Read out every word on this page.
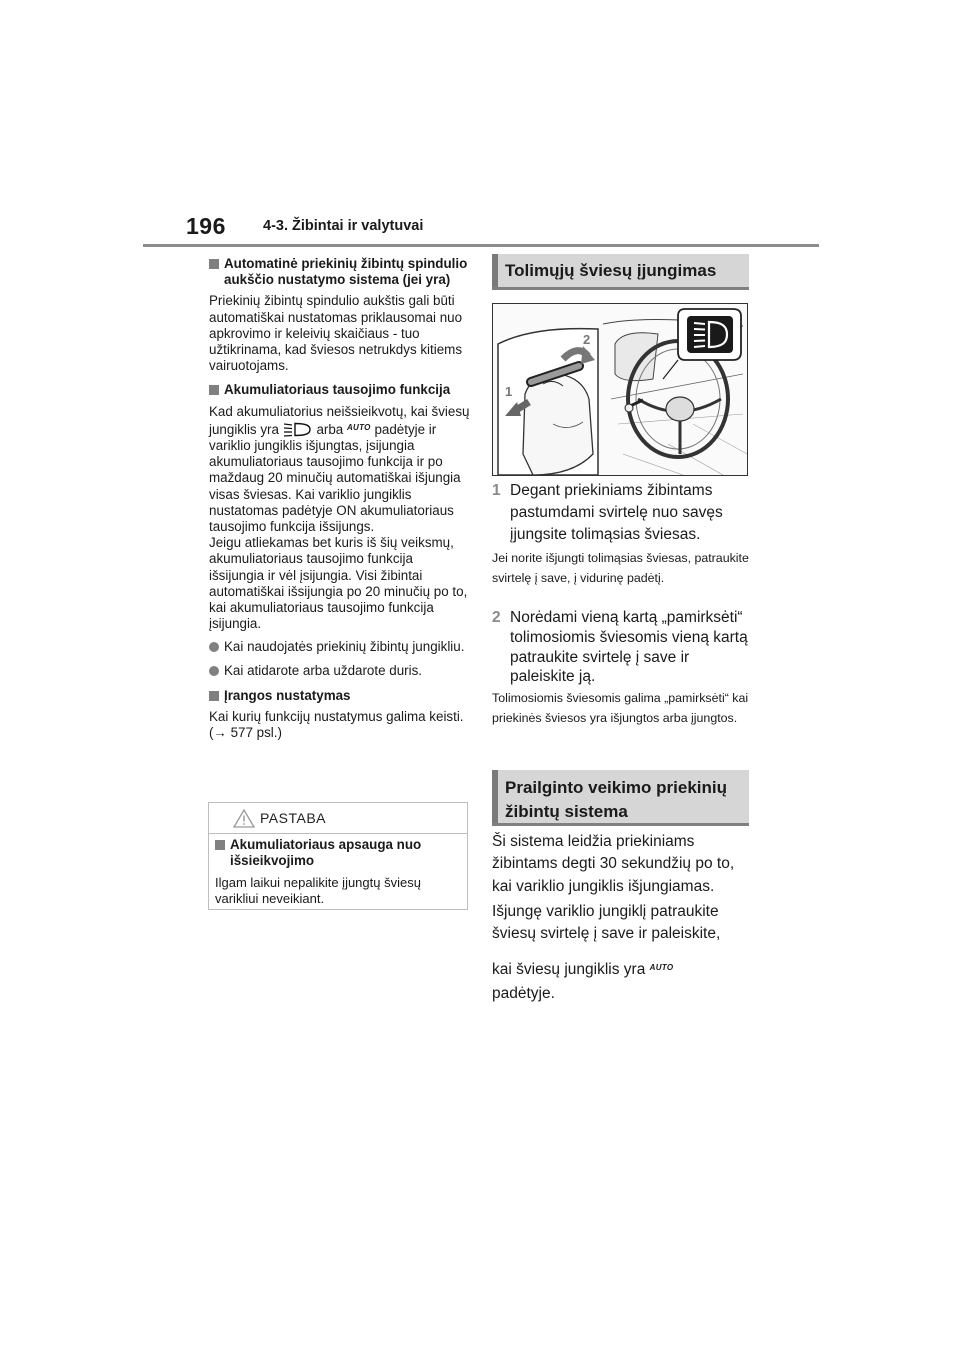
196	4-3. Žibintai ir valytuvai
Automatinė priekinių žibintų spindulio aukščio nustatymo sistema (jei yra)

Priekinių žibintų spindulio aukštis gali būti automatiškai nustatomas priklausomai nuo apkrovimo ir keleivių skaičiaus - tuo užtikrinama, kad šviesos netrukdys kitiems vairuotojams.

Akumuliatoriaus tausojimo funkcija

Kad akumuliatorius neišsieikvotų, kai šviesų jungiklis yra	arba $^{AUTO}$ padėtyje ir variklio jungiklis išjungtas, įsijungia akumuliatoriaus tausojimo funkcija ir po maždaug 20 minučių automatiškai išjungia visas šviesas. Kai variklio jungiklis nustatomas padėtyje ON akumuliatoriaus tausojimo funkcija išsijungs.
Jeigu atliekamas bet kuris iš šių veiksmų, akumuliatoriaus tausojimo funkcija išsijungia ir vėl įsijungia. Visi žibintai automatiškai išsijungia po 20 minučių po to, kai akumuliatoriaus tausojimo funkcija įsijungia.

Kai naudojatės priekinių žibintų jungikliu.
Kai atidarote arba uždarote duris.
Įrangos nustatymas

Kai kurių funkcijų nustatymus galima keisti. (→ 577 psl.)

PASTABA
Akumuliatoriaus apsauga nuo išsieikvojimo
Ilgam laikui nepalikite įjungtų šviesų varikliui neveikiant.
Tolimųjų šviesų įjungimas
1
2
1 Degant priekiniams žibintams pastumdami svirtelę nuo savęs įjungsite tolimąsias šviesas.
Jei norite išjungti tolimąsias šviesas, patraukite svirtelę į save, į vidurinę padėtį.
2 Norėdami vieną kartą „pamirksėti“ tolimosiomis šviesomis vieną kartą patraukite svirtelę į save ir paleiskite ją.
Tolimosiomis šviesomis galima „pamirksėti“ kai priekinės šviesos yra išjungtos arba įjungtos.
Prailginto veikimo priekinių žibintų sistema
Ši sistema leidžia priekiniams žibintams degti 30 sekundžių po to, kai variklio jungiklis išjungiamas.
Išjungę variklio jungiklį patraukite šviesų svirtelę į save ir paleiskite,
kai šviesų jungiklis yra $^{AUTO}$
padėtyje.
